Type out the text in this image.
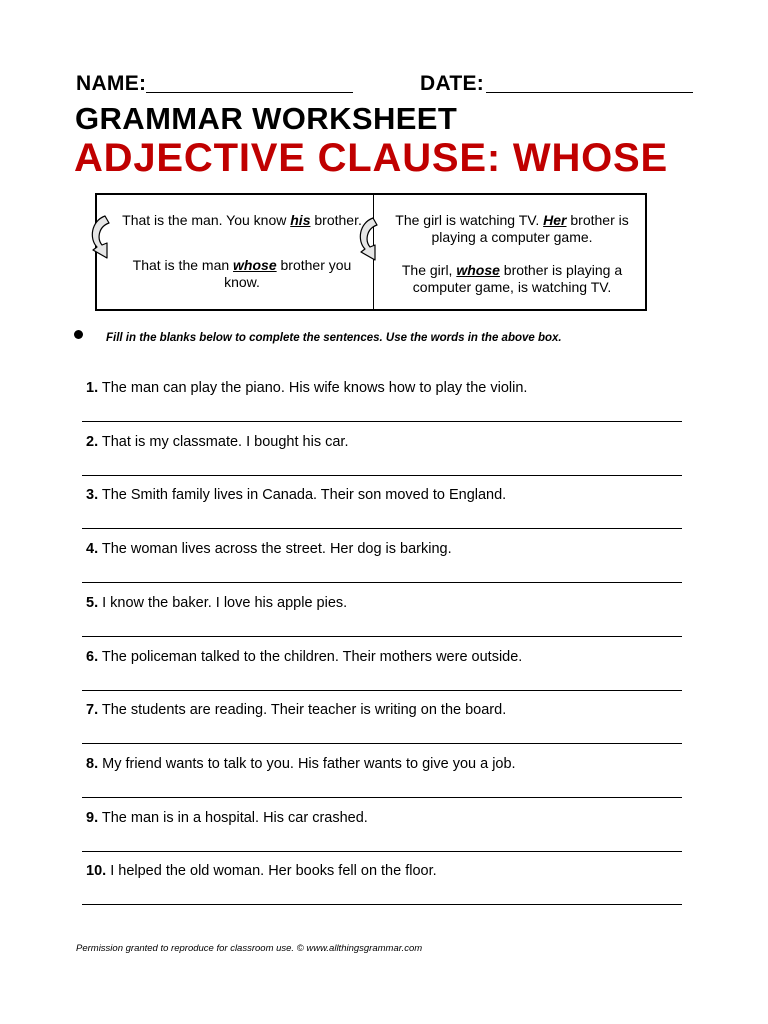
NAME:	DATE:
GRAMMAR WORKSHEET
ADJECTIVE CLAUSE: WHOSE
That is the man. You know his brother.
That is the man whose brother you know.
The girl is watching TV. Her brother is playing a computer game.
The girl, whose brother is playing a computer game, is watching TV.
Fill in the blanks below to complete the sentences. Use the words in the above box.
1. The man can play the piano. His wife knows how to play the violin.
2. That is my classmate. I bought his car.
3. The Smith family lives in Canada. Their son moved to England.
4. The woman lives across the street. Her dog is barking.
5. I know the baker. I love his apple pies.
6. The policeman talked to the children. Their mothers were outside.
7. The students are reading. Their teacher is writing on the board.
8. My friend wants to talk to you. His father wants to give you a job.
9. The man is in a hospital. His car crashed.
10. I helped the old woman. Her books fell on the floor.
Permission granted to reproduce for classroom use. © www.allthingsgrammar.com
